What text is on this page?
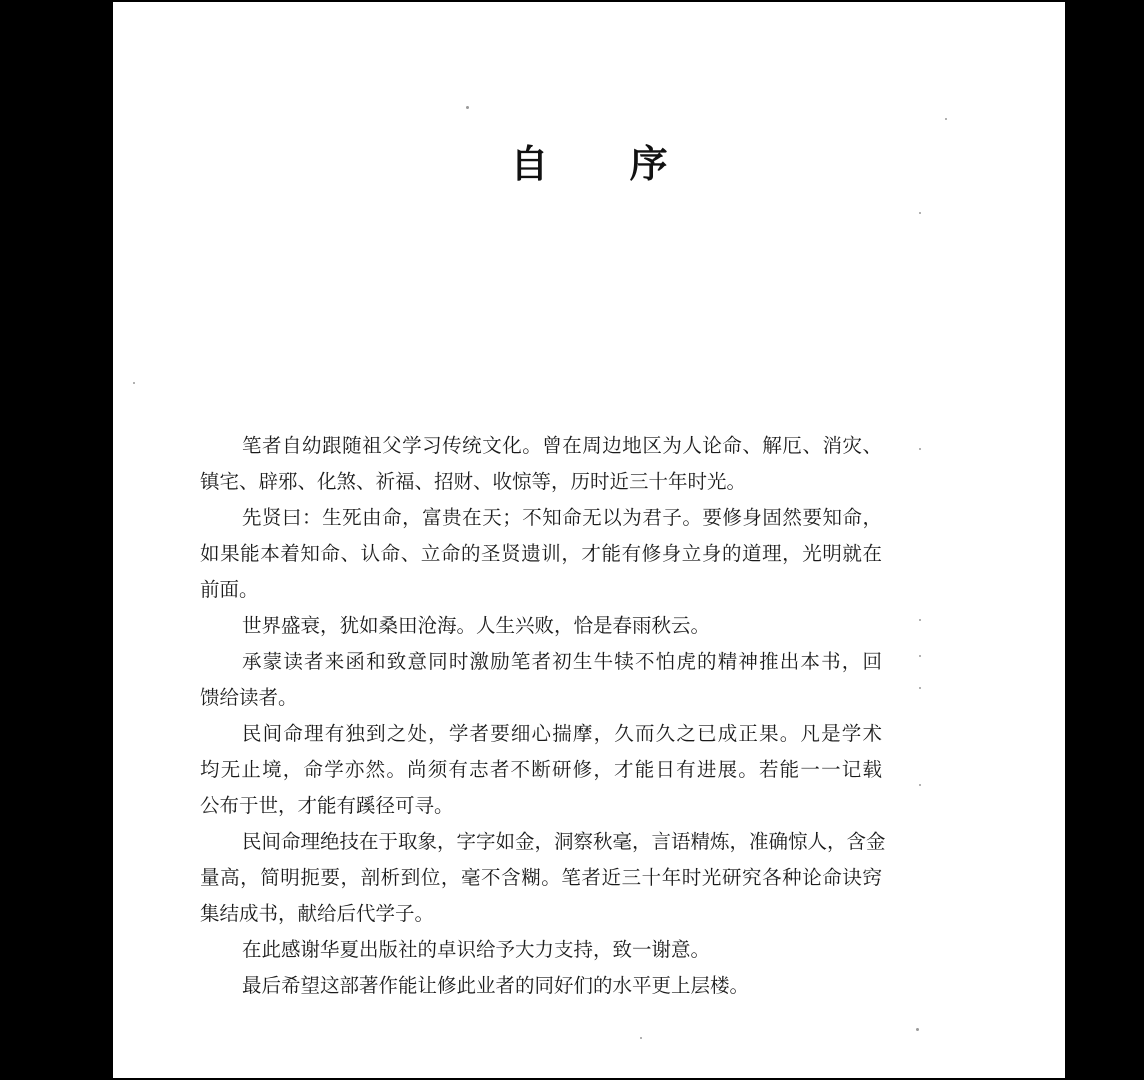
自 序
笔者自幼跟随祖父学习传统文化。曾在周边地区为人论命、解厄、消灾、
镇宅、辟邪、化煞、祈福、招财、收惊等，历时近三十年时光。
先贤曰：生死由命，富贵在天；不知命无以为君子。要修身固然要知命，
如果能本着知命、认命、立命的圣贤遗训，才能有修身立身的道理，光明就在
前面。
世界盛衰，犹如桑田沧海。人生兴败，恰是春雨秋云。
承蒙读者来函和致意同时激励笔者初生牛犊不怕虎的精神推出本书，回
馈给读者。
民间命理有独到之处，学者要细心揣摩，久而久之已成正果。凡是学术
均无止境，命学亦然。尚须有志者不断研修，才能日有进展。若能一一记载
公布于世，才能有蹊径可寻。
民间命理绝技在于取象，字字如金，洞察秋毫，言语精炼，准确惊人，含金
量高，简明扼要，剖析到位，毫不含糊。笔者近三十年时光研究各种论命诀窍
集结成书，献给后代学子。
在此感谢华夏出版社的卓识给予大力支持，致一谢意。
最后希望这部著作能让修此业者的同好们的水平更上层楼。
